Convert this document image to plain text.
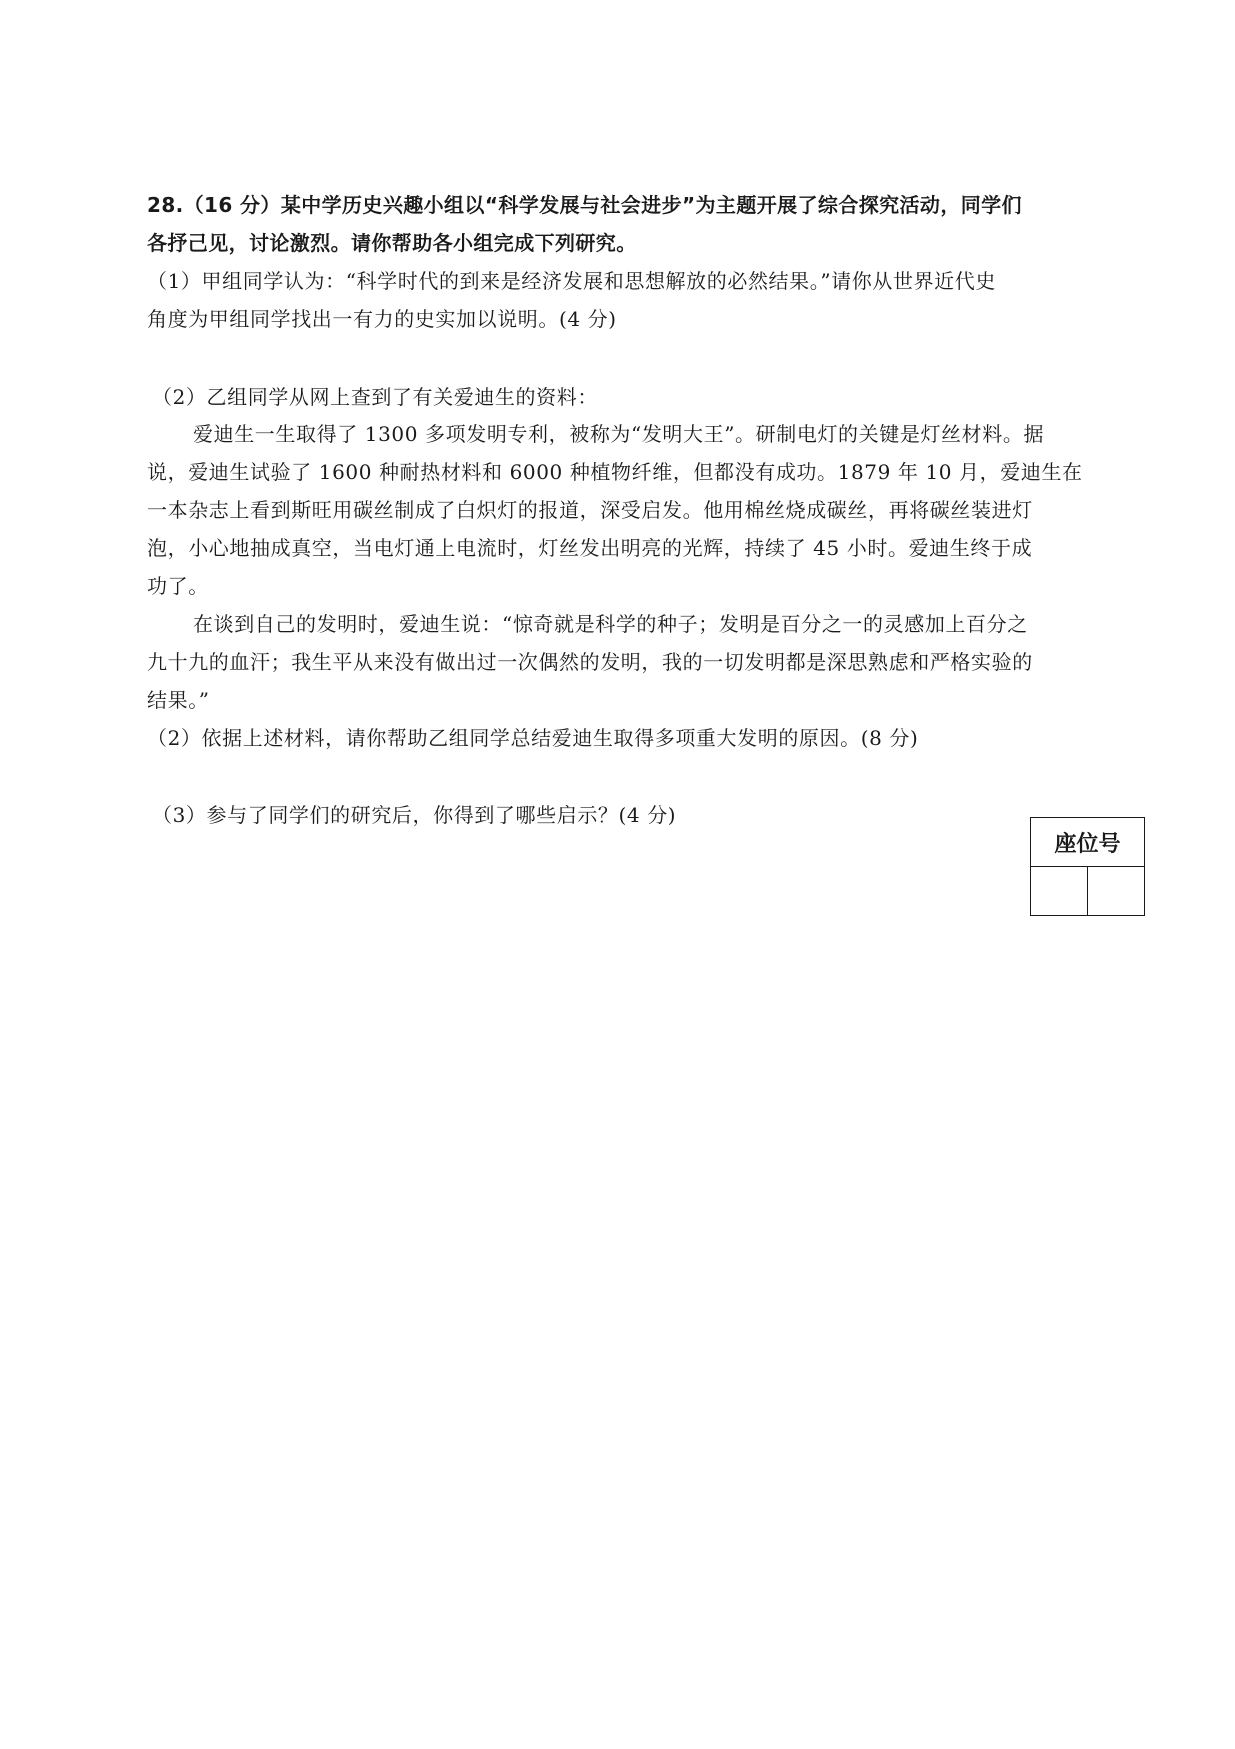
28.（16 分）某中学历史兴趣小组以“科学发展与社会进步”为主题开展了综合探究活动，同学们
各抒己见，讨论激烈。请你帮助各小组完成下列研究。
（1）甲组同学认为：“科学时代的到来是经济发展和思想解放的必然结果。”请你从世界近代史
角度为甲组同学找出一有力的史实加以说明。(4 分)
（2）乙组同学从网上查到了有关爱迪生的资料：
爱迪生一生取得了 1300 多项发明专利，被称为“发明大王”。研制电灯的关键是灯丝材料。据
说，爱迪生试验了 1600 种耐热材料和 6000 种植物纤维，但都没有成功。1879 年 10 月，爱迪生在
一本杂志上看到斯旺用碳丝制成了白炽灯的报道，深受启发。他用棉丝烧成碳丝，再将碳丝装进灯
泡，小心地抽成真空，当电灯通上电流时，灯丝发出明亮的光辉，持续了 45 小时。爱迪生终于成
功了。
在谈到自己的发明时，爱迪生说：“惊奇就是科学的种子；发明是百分之一的灵感加上百分之
九十九的血汗；我生平从来没有做出过一次偶然的发明，我的一切发明都是深思熟虑和严格实验的
结果。”
（2）依据上述材料，请你帮助乙组同学总结爱迪生取得多项重大发明的原因。(8 分)
（3）参与了同学们的研究后，你得到了哪些启示？(4 分)
座位号
